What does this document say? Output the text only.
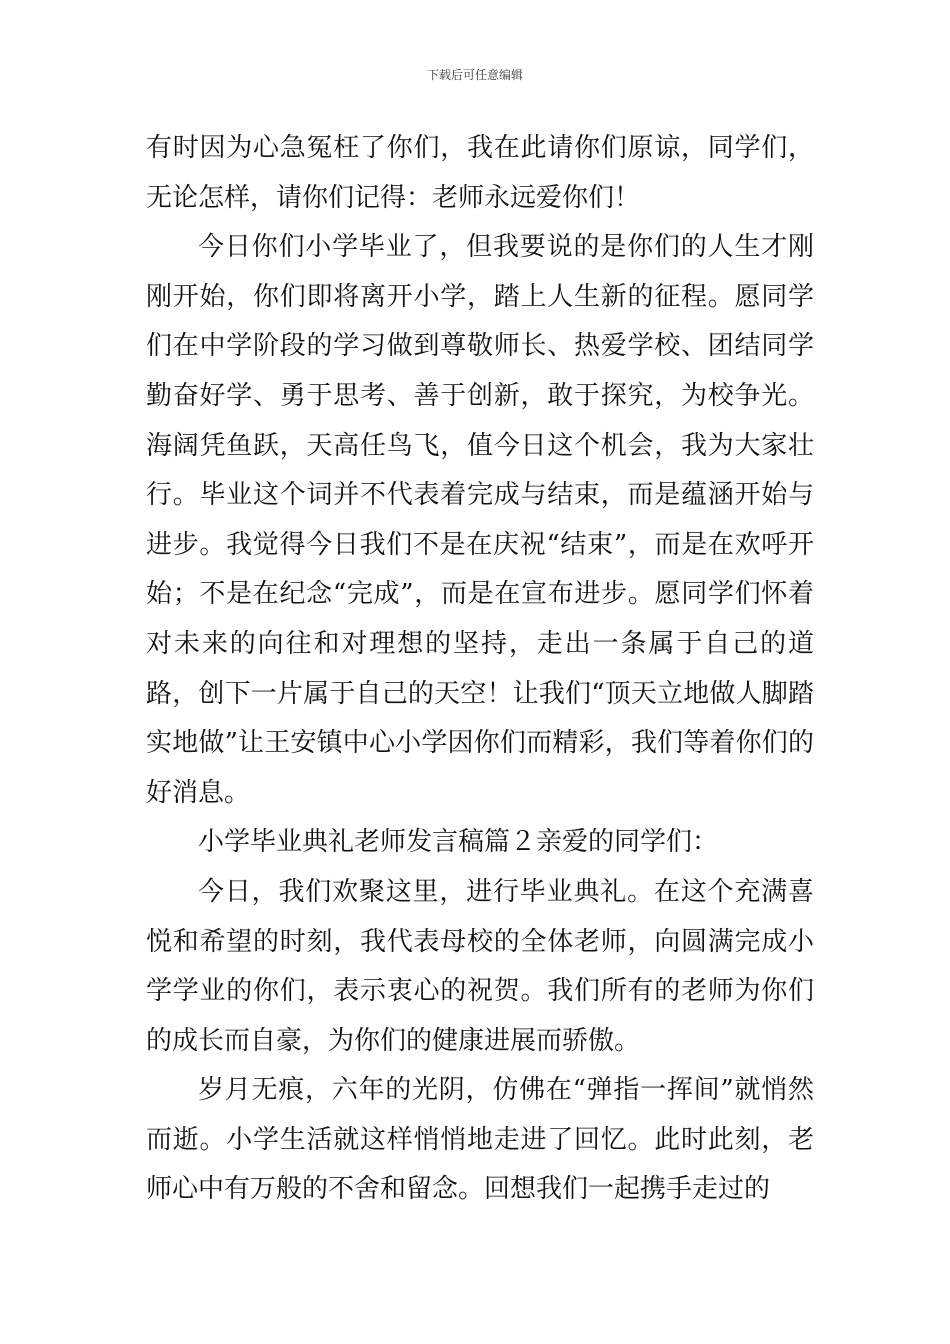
下载后可任意编辑

有时因为心急冤枉了你们，我在此请你们原谅，同学们，无论怎样，请你们记得：老师永远爱你们！

今日你们小学毕业了，但我要说的是你们的人生才刚刚开始，你们即将离开小学，踏上人生新的征程。愿同学们在中学阶段的学习做到尊敬师长、热爱学校、团结同学勤奋好学、勇于思考、善于创新，敢于探究，为校争光。海阔凭鱼跃，天高任鸟飞，值今日这个机会，我为大家壮行。毕业这个词并不代表着完成与结束，而是蕴涵开始与进步。我觉得今日我们不是在庆祝“结束”，而是在欢呼开始；不是在纪念“完成”，而是在宣布进步。愿同学们怀着对未来的向往和对理想的坚持，走出一条属于自己的道路，创下一片属于自己的天空！让我们“顶天立地做人脚踏实地做”让王安镇中心小学因你们而精彩，我们等着你们的好消息。

小学毕业典礼老师发言稿篇２亲爱的同学们：

今日，我们欢聚这里，进行毕业典礼。在这个充满喜悦和希望的时刻，我代表母校的全体老师，向圆满完成小学学业的你们，表示衷心的祝贺。我们所有的老师为你们的成长而自豪，为你们的健康进展而骄傲。

岁月无痕，六年的光阴，仿佛在“弹指一挥间”就悄然而逝。小学生活就这样悄悄地走进了回忆。此时此刻，老师心中有万般的不舍和留念。回想我们一起携手走过的
